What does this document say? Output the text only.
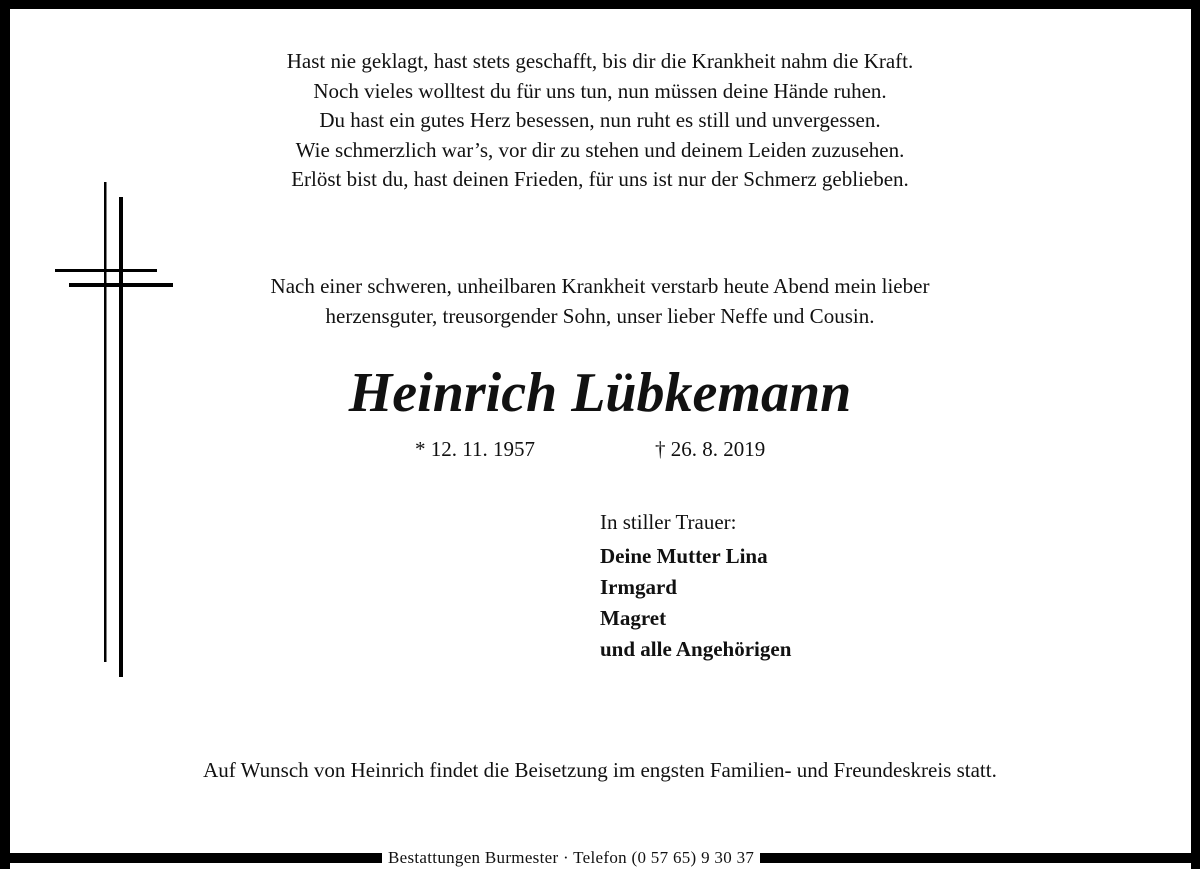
Hast nie geklagt, hast stets geschafft, bis dir die Krankheit nahm die Kraft.
Noch vieles wolltest du für uns tun, nun müssen deine Hände ruhen.
Du hast ein gutes Herz besessen, nun ruht es still und unvergessen.
Wie schmerzlich war’s, vor dir zu stehen und deinem Leiden zuzusehen.
Erlöst bist du, hast deinen Frieden, für uns ist nur der Schmerz geblieben.
Nach einer schweren, unheilbaren Krankheit verstarb heute Abend mein lieber
herzensguter, treusorgender Sohn, unser lieber Neffe und Cousin.
Heinrich Lübkemann
* 12. 11. 1957	† 26. 8. 2019
In stiller Trauer:
Deine Mutter Lina
Irmgard
Magret
und alle Angehörigen
Auf Wunsch von Heinrich findet die Beisetzung im engsten Familien- und Freundeskreis statt.
Bestattungen Burmester · Telefon (0 57 65) 9 30 37
